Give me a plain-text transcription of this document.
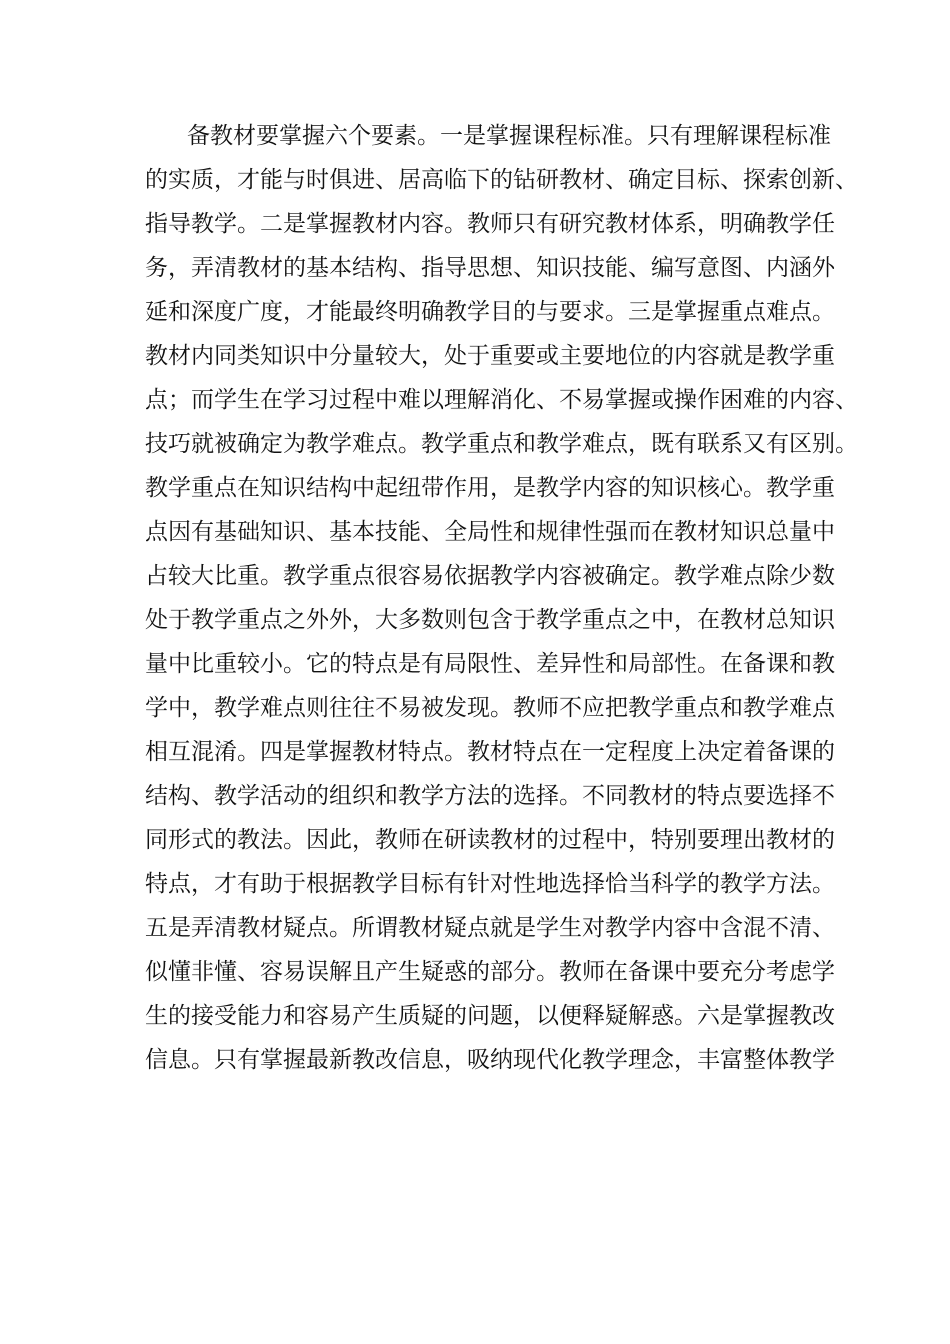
备教材要掌握六个要素。一是掌握课程标准。只有理解课程标准
的实质，才能与时俱进、居高临下的钻研教材、确定目标、探索创新、
指导教学。二是掌握教材内容。教师只有研究教材体系，明确教学任
务，弄清教材的基本结构、指导思想、知识技能、编写意图、内涵外
延和深度广度，才能最终明确教学目的与要求。三是掌握重点难点。
教材内同类知识中分量较大，处于重要或主要地位的内容就是教学重
点；而学生在学习过程中难以理解消化、不易掌握或操作困难的内容、
技巧就被确定为教学难点。教学重点和教学难点，既有联系又有区别。
教学重点在知识结构中起纽带作用，是教学内容的知识核心。教学重
点因有基础知识、基本技能、全局性和规律性强而在教材知识总量中
占较大比重。教学重点很容易依据教学内容被确定。教学难点除少数
处于教学重点之外外，大多数则包含于教学重点之中，在教材总知识
量中比重较小。它的特点是有局限性、差异性和局部性。在备课和教
学中，教学难点则往往不易被发现。教师不应把教学重点和教学难点
相互混淆。四是掌握教材特点。教材特点在一定程度上决定着备课的
结构、教学活动的组织和教学方法的选择。不同教材的特点要选择不
同形式的教法。因此，教师在研读教材的过程中，特别要理出教材的
特点，才有助于根据教学目标有针对性地选择恰当科学的教学方法。
五是弄清教材疑点。所谓教材疑点就是学生对教学内容中含混不清、
似懂非懂、容易误解且产生疑惑的部分。教师在备课中要充分考虑学
生的接受能力和容易产生质疑的问题，以便释疑解惑。六是掌握教改
信息。只有掌握最新教改信息，吸纳现代化教学理念，丰富整体教学
